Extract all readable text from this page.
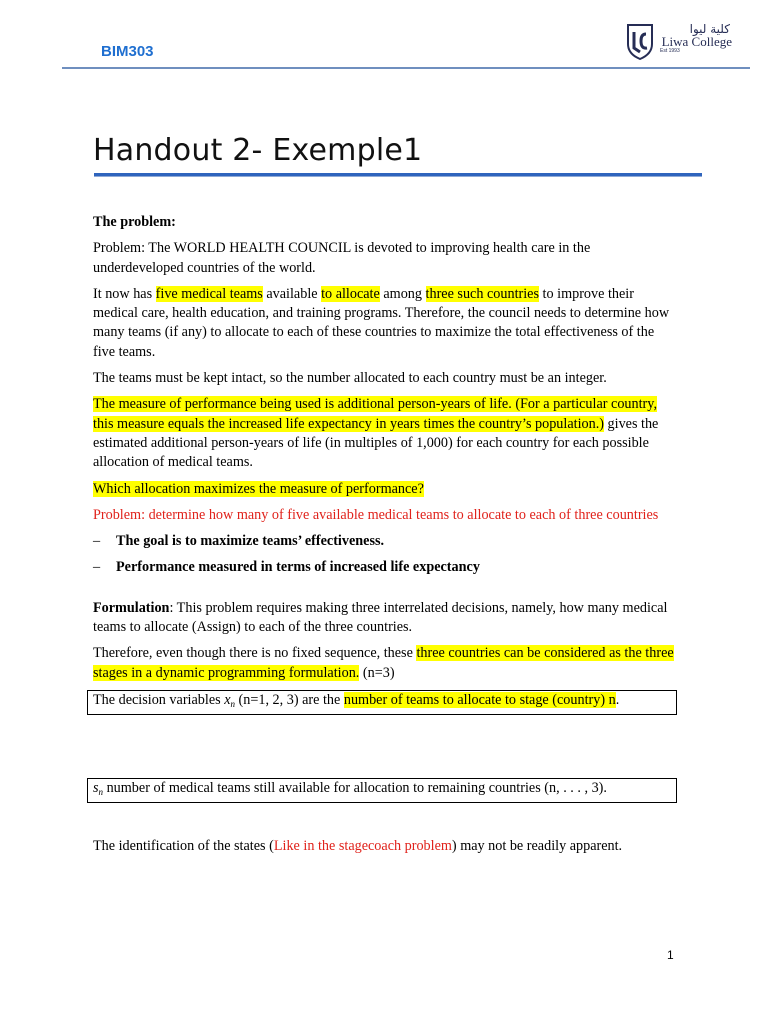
BIM303
كلية ليوا
Liwa College
Est 1993
Handout 2- Exemple1

The problem:

Problem: The WORLD HEALTH COUNCIL is devoted to improving health care in the underdeveloped countries of the world.

It now has five medical teams available to allocate among three such countries to improve their medical care, health education, and training programs. Therefore, the council needs to determine how many teams (if any) to allocate to each of these countries to maximize the total effectiveness of the five teams.

The teams must be kept intact, so the number allocated to each country must be an integer.

The measure of performance being used is additional person-years of life. (For a particular country, this measure equals the increased life expectancy in years times the country’s population.) gives the estimated additional person-years of life (in multiples of 1,000) for each country for each possible allocation of medical teams.

Which allocation maximizes the measure of performance?

Problem: determine how many of five available medical teams to allocate to each of three countries

– The goal is to maximize teams’ effectiveness.
– Performance measured in terms of increased life expectancy

Formulation: This problem requires making three interrelated decisions, namely, how many medical teams to allocate (Assign) to each of the three countries.

Therefore, even though there is no fixed sequence, these three countries can be considered as the three stages in a dynamic programming formulation. (n=3)

The decision variables $x_n$ (n=1, 2, 3) are the number of teams to allocate to stage (country) n.
$s_n$ number of medical teams still available for allocation to remaining countries (n, . . . , 3).

The identification of the states (Like in the stagecoach problem) may not be readily apparent.

1
